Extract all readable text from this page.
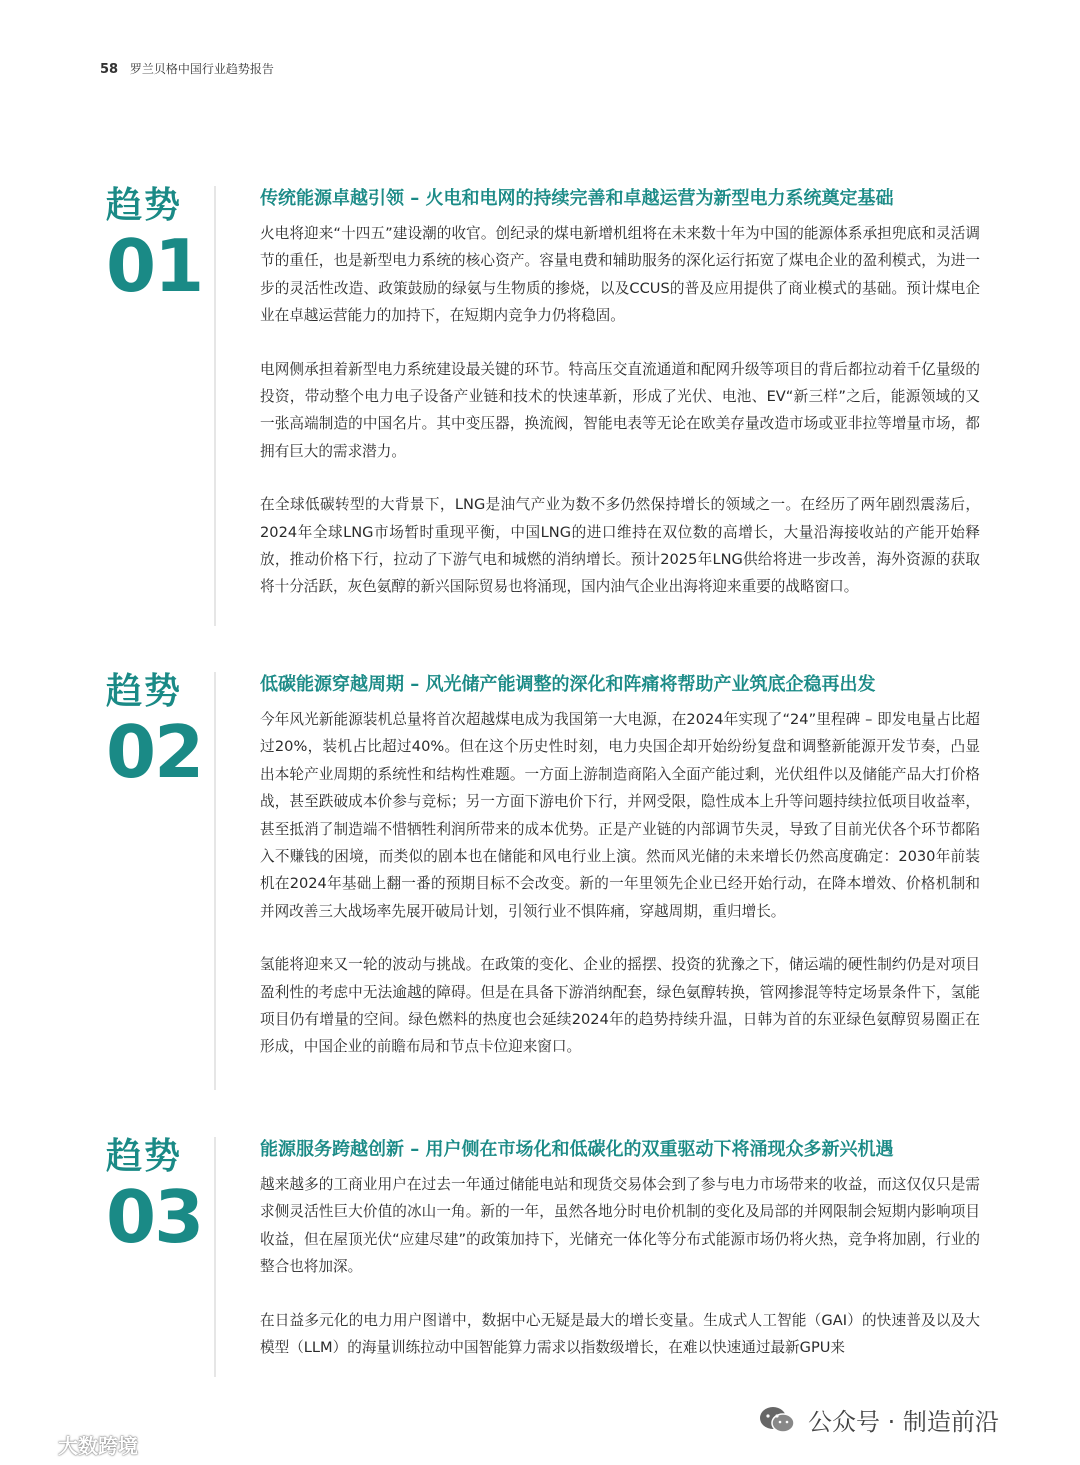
58 罗兰贝格中国行业趋势报告
趋势
01
传统能源卓越引领 – 火电和电网的持续完善和卓越运营为新型电力系统奠定基础

火电将迎来“十四五”建设潮的收官。创纪录的煤电新增机组将在未来数十年为中国的能源体系承担兜底和灵活调节的重任，也是新型电力系统的核心资产。容量电费和辅助服务的深化运行拓宽了煤电企业的盈利模式，为进一步的灵活性改造、政策鼓励的绿氨与生物质的掺烧，以及CCUS的普及应用提供了商业模式的基础。预计煤电企业在卓越运营能力的加持下，在短期内竞争力仍将稳固。

电网侧承担着新型电力系统建设最关键的环节。特高压交直流通道和配网升级等项目的背后都拉动着千亿量级的投资，带动整个电力电子设备产业链和技术的快速革新，形成了光伏、电池、EV“新三样”之后，能源领域的又一张高端制造的中国名片。其中变压器，换流阀，智能电表等无论在欧美存量改造市场或亚非拉等增量市场，都拥有巨大的需求潜力。

在全球低碳转型的大背景下，LNG是油气产业为数不多仍然保持增长的领域之一。在经历了两年剧烈震荡后，2024年全球LNG市场暂时重现平衡，中国LNG的进口维持在双位数的高增长，大量沿海接收站的产能开始释放，推动价格下行，拉动了下游气电和城燃的消纳增长。预计2025年LNG供给将进一步改善，海外资源的获取将十分活跃，灰色氨醇的新兴国际贸易也将涌现，国内油气企业出海将迎来重要的战略窗口。

趋势
02
低碳能源穿越周期 – 风光储产能调整的深化和阵痛将帮助产业筑底企稳再出发

今年风光新能源装机总量将首次超越煤电成为我国第一大电源，在2024年实现了“24”里程碑 – 即发电量占比超过20%，装机占比超过40%。但在这个历史性时刻，电力央国企却开始纷纷复盘和调整新能源开发节奏，凸显出本轮产业周期的系统性和结构性难题。一方面上游制造商陷入全面产能过剩，光伏组件以及储能产品大打价格战，甚至跌破成本价参与竞标；另一方面下游电价下行，并网受限，隐性成本上升等问题持续拉低项目收益率，甚至抵消了制造端不惜牺牲利润所带来的成本优势。正是产业链的内部调节失灵，导致了目前光伏各个环节都陷入不赚钱的困境，而类似的剧本也在储能和风电行业上演。然而风光储的未来增长仍然高度确定：2030年前装机在2024年基础上翻一番的预期目标不会改变。新的一年里领先企业已经开始行动，在降本增效、价格机制和并网改善三大战场率先展开破局计划，引领行业不惧阵痛，穿越周期，重归增长。

氢能将迎来又一轮的波动与挑战。在政策的变化、企业的摇摆、投资的犹豫之下，储运端的硬性制约仍是对项目盈利性的考虑中无法逾越的障碍。但是在具备下游消纳配套，绿色氨醇转换，管网掺混等特定场景条件下，氢能项目仍有增量的空间。绿色燃料的热度也会延续2024年的趋势持续升温，日韩为首的东亚绿色氨醇贸易圈正在形成，中国企业的前瞻布局和节点卡位迎来窗口。

趋势
03
能源服务跨越创新 – 用户侧在市场化和低碳化的双重驱动下将涌现众多新兴机遇

越来越多的工商业用户在过去一年通过储能电站和现货交易体会到了参与电力市场带来的收益，而这仅仅只是需求侧灵活性巨大价值的冰山一角。新的一年，虽然各地分时电价机制的变化及局部的并网限制会短期内影响项目收益，但在屋顶光伏“应建尽建”的政策加持下，光储充一体化等分布式能源市场仍将火热，竞争将加剧，行业的整合也将加深。

在日益多元化的电力用户图谱中，数据中心无疑是最大的增长变量。生成式人工智能（GAI）的快速普及以及大模型（LLM）的海量训练拉动中国智能算力需求以指数级增长，在难以快速通过最新GPU来

公众号 · 制造前沿
大数跨境
